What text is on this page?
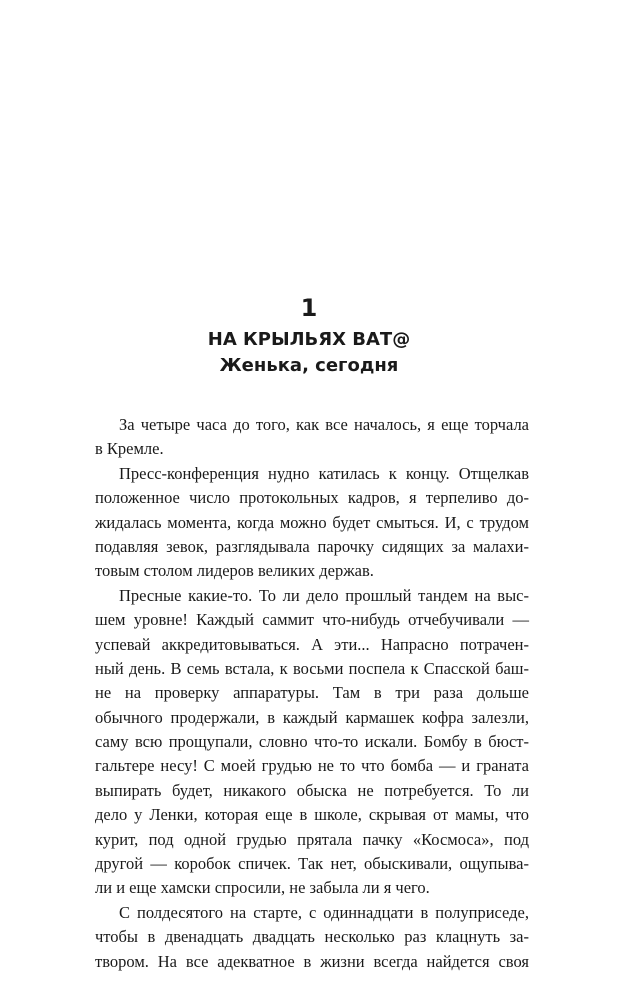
1
НА КРЫЛЬЯХ ВАТ@
Женька, сегодня
За четыре часа до того, как все началось, я еще торчала
в Кремле.
Пресс-конференция нудно катилась к концу. Отщелкав
положенное число протокольных кадров, я терпеливо до-
жидалась момента, когда можно будет смыться. И, с трудом
подавляя зевок, разглядывала парочку сидящих за малахи-
товым столом лидеров великих держав.
Пресные какие-то. То ли дело прошлый тандем на выс-
шем уровне! Каждый саммит что-нибудь отчебучивали —
успевай аккредитовываться. А эти... Напрасно потрачен-
ный день. В семь встала, к восьми поспела к Спасской баш-
не на проверку аппаратуры. Там в три раза дольше
обычного продержали, в каждый кармашек кофра залезли,
саму всю прощупали, словно что-то искали. Бомбу в бюст-
гальтере несу! С моей грудью не то что бомба — и граната
выпирать будет, никакого обыска не потребуется. То ли
дело у Ленки, которая еще в школе, скрывая от мамы, что
курит, под одной грудью прятала пачку «Космоса», под
другой — коробок спичек. Так нет, обыскивали, ощупыва-
ли и еще хамски спросили, не забыла ли я чего.
С полдесятого на старте, с одиннадцати в полуприседе,
чтобы в двенадцать двадцать несколько раз клацнуть за-
твором. На все адекватное в жизни всегда найдется своя
